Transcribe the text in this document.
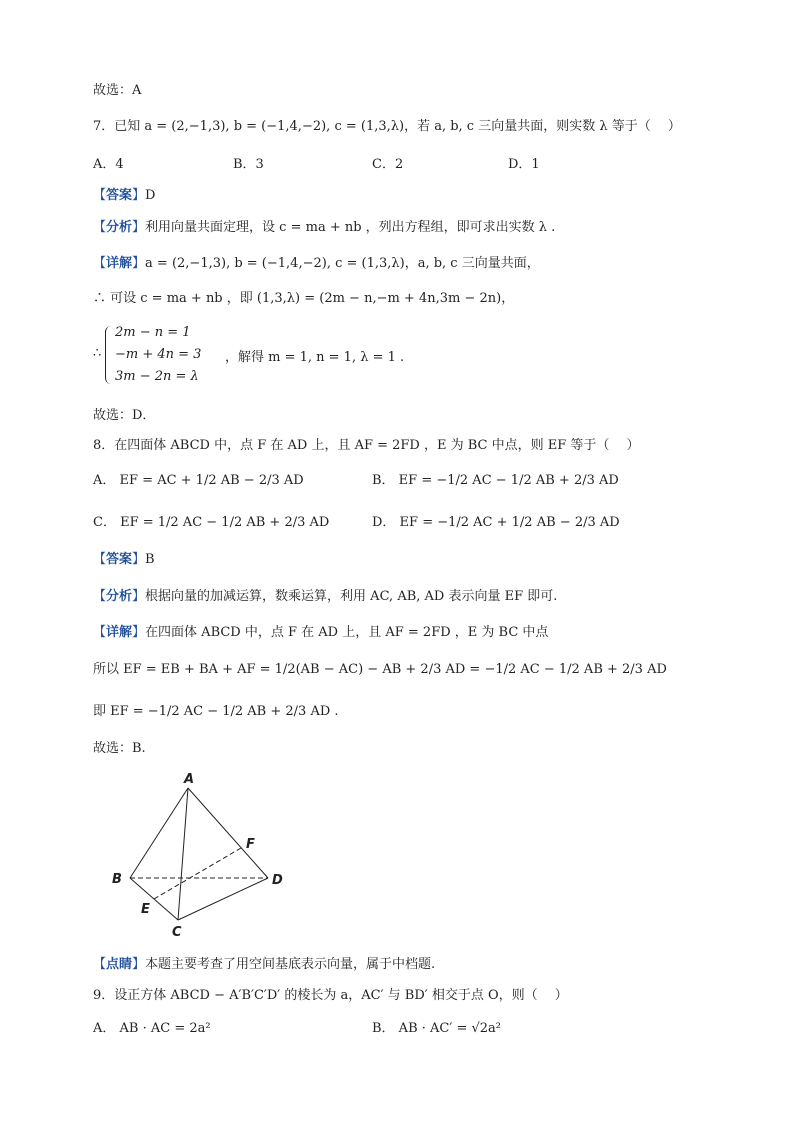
故选：A
7．已知 a = (2,−1,3), b = (−1,4,−2), c = (1,3,λ)，若 a, b, c 三向量共面，则实数 λ 等于（　 ）
A．4	B．3	C．2	D．1
【答案】D
【分析】利用向量共面定理，设 c = ma + nb ，列出方程组，即可求出实数 λ .
【详解】a = (2,−1,3), b = (−1,4,−2), c = (1,3,λ)，a, b, c 三向量共面，
∴ 可设 c = ma + nb ，即 (1,3,λ) = (2m − n,−m + 4n,3m − 2n)，
∴
2m − n = 1
−m + 4n = 3
3m − 2n = λ
，解得 m = 1, n = 1, λ = 1 .
故选：D．
8．在四面体 ABCD 中，点 F 在 AD 上，且 AF = 2FD ，E 为 BC 中点，则 EF 等于（　 ）
A． EF = AC + 1/2 AB − 2/3 AD	B． EF = −1/2 AC − 1/2 AB + 2/3 AD
C． EF = 1/2 AC − 1/2 AB + 2/3 AD	D． EF = −1/2 AC + 1/2 AB − 2/3 AD
【答案】B
【分析】根据向量的加减运算，数乘运算，利用 AC, AB, AD 表示向量 EF 即可.
【详解】在四面体 ABCD 中，点 F 在 AD 上，且 AF = 2FD ，E 为 BC 中点
所以 EF = EB + BA + AF = 1/2(AB − AC) − AB + 2/3 AD = −1/2 AC − 1/2 AB + 2/3 AD
即 EF = −1/2 AC − 1/2 AB + 2/3 AD .
故选：B.
A
B
C
D
E
F
【点睛】本题主要考查了用空间基底表示向量，属于中档题.
9．设正方体 ABCD − A′B′C′D′ 的棱长为 a，AC′ 与 BD′ 相交于点 O，则（　 ）
A． AB · AC = 2a²	B． AB · AC′ = √2a²
